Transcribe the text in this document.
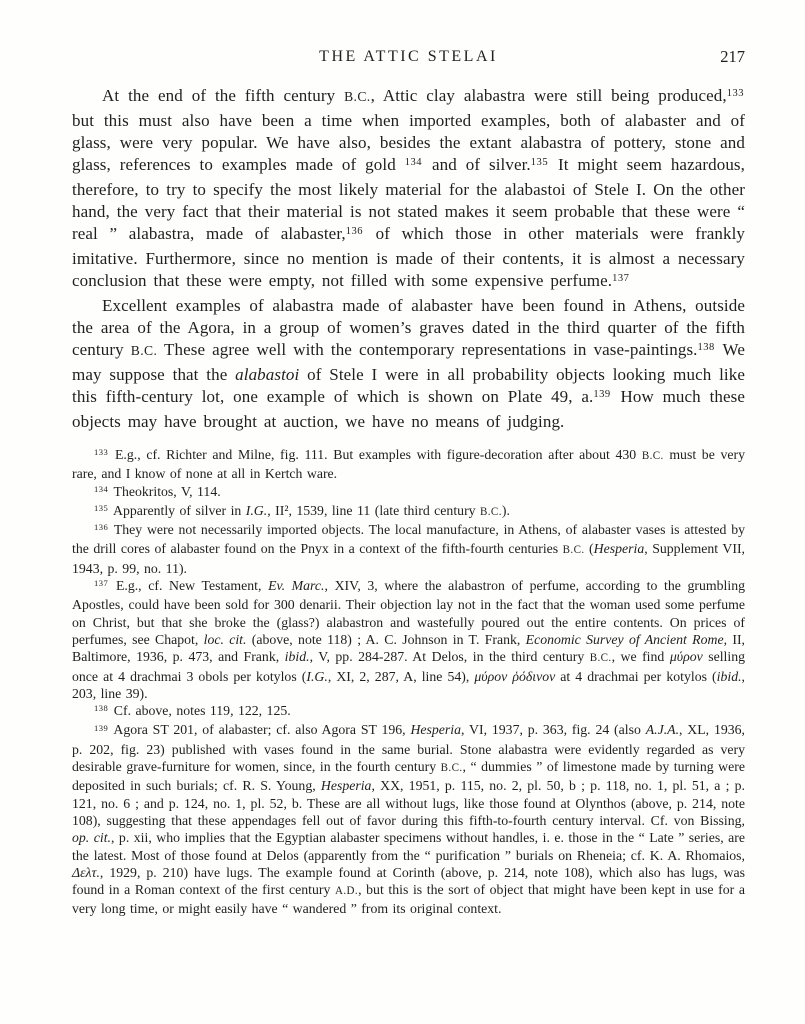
THE ATTIC STELAI	217

At the end of the fifth century B.C., Attic clay alabastra were still being produced,$^{133}$ but this must also have been a time when imported examples, both of alabaster and of glass, were very popular. We have also, besides the extant alabastra of pottery, stone and glass, references to examples made of gold $^{134}$ and of silver.$^{135}$ It might seem hazardous, therefore, to try to specify the most likely material for the alabastoi of Stele I. On the other hand, the very fact that their material is not stated makes it seem probable that these were “ real ” alabastra, made of alabaster,$^{136}$ of which those in other materials were frankly imitative. Furthermore, since no mention is made of their contents, it is almost a necessary conclusion that these were empty, not filled with some expensive perfume.$^{137}$

Excellent examples of alabastra made of alabaster have been found in Athens, outside the area of the Agora, in a group of women’s graves dated in the third quarter of the fifth century B.C. These agree well with the contemporary representations in vase-paintings.$^{138}$ We may suppose that the alabastoi of Stele I were in all probability objects looking much like this fifth-century lot, one example of which is shown on Plate 49, a.$^{139}$ How much these objects may have brought at auction, we have no means of judging.

$^{133}$ E.g., cf. Richter and Milne, fig. 111. But examples with figure-decoration after about 430 B.C. must be very rare, and I know of none at all in Kertch ware.

$^{134}$ Theokritos, V, 114.

$^{135}$ Apparently of silver in I.G., II², 1539, line 11 (late third century B.C.).

$^{136}$ They were not necessarily imported objects. The local manufacture, in Athens, of alabaster vases is attested by the drill cores of alabaster found on the Pnyx in a context of the fifth-fourth centuries B.C. (Hesperia, Supplement VII, 1943, p. 99, no. 11).

$^{137}$ E.g., cf. New Testament, Ev. Marc., XIV, 3, where the alabastron of perfume, according to the grumbling Apostles, could have been sold for 300 denarii. Their objection lay not in the fact that the woman used some perfume on Christ, but that she broke the (glass?) alabastron and wastefully poured out the entire contents. On prices of perfumes, see Chapot, loc. cit. (above, note 118) ; A. C. Johnson in T. Frank, Economic Survey of Ancient Rome, II, Baltimore, 1936, p. 473, and Frank, ibid., V, pp. 284-287. At Delos, in the third century B.C., we find μύρον selling once at 4 drachmai 3 obols per kotylos (I.G., XI, 2, 287, A, line 54), μύρον ῥόδινον at 4 drachmai per kotylos (ibid., 203, line 39).

$^{138}$ Cf. above, notes 119, 122, 125.

$^{139}$ Agora ST 201, of alabaster; cf. also Agora ST 196, Hesperia, VI, 1937, p. 363, fig. 24 (also A.J.A., XL, 1936, p. 202, fig. 23) published with vases found in the same burial. Stone alabastra were evidently regarded as very desirable grave-furniture for women, since, in the fourth century B.C., “ dummies ” of limestone made by turning were deposited in such burials; cf. R. S. Young, Hesperia, XX, 1951, p. 115, no. 2, pl. 50, b ; p. 118, no. 1, pl. 51, a ; p. 121, no. 6 ; and p. 124, no. 1, pl. 52, b. These are all without lugs, like those found at Olynthos (above, p. 214, note 108), suggesting that these appendages fell out of favor during this fifth-to-fourth century interval. Cf. von Bissing, op. cit., p. xii, who implies that the Egyptian alabaster specimens without handles, i. e. those in the “ Late ” series, are the latest. Most of those found at Delos (apparently from the “ purification ” burials on Rheneia; cf. K. A. Rhomaios, Δελτ., 1929, p. 210) have lugs. The example found at Corinth (above, p. 214, note 108), which also has lugs, was found in a Roman context of the first century A.D., but this is the sort of object that might have been kept in use for a very long time, or might easily have “ wandered ” from its original context.
